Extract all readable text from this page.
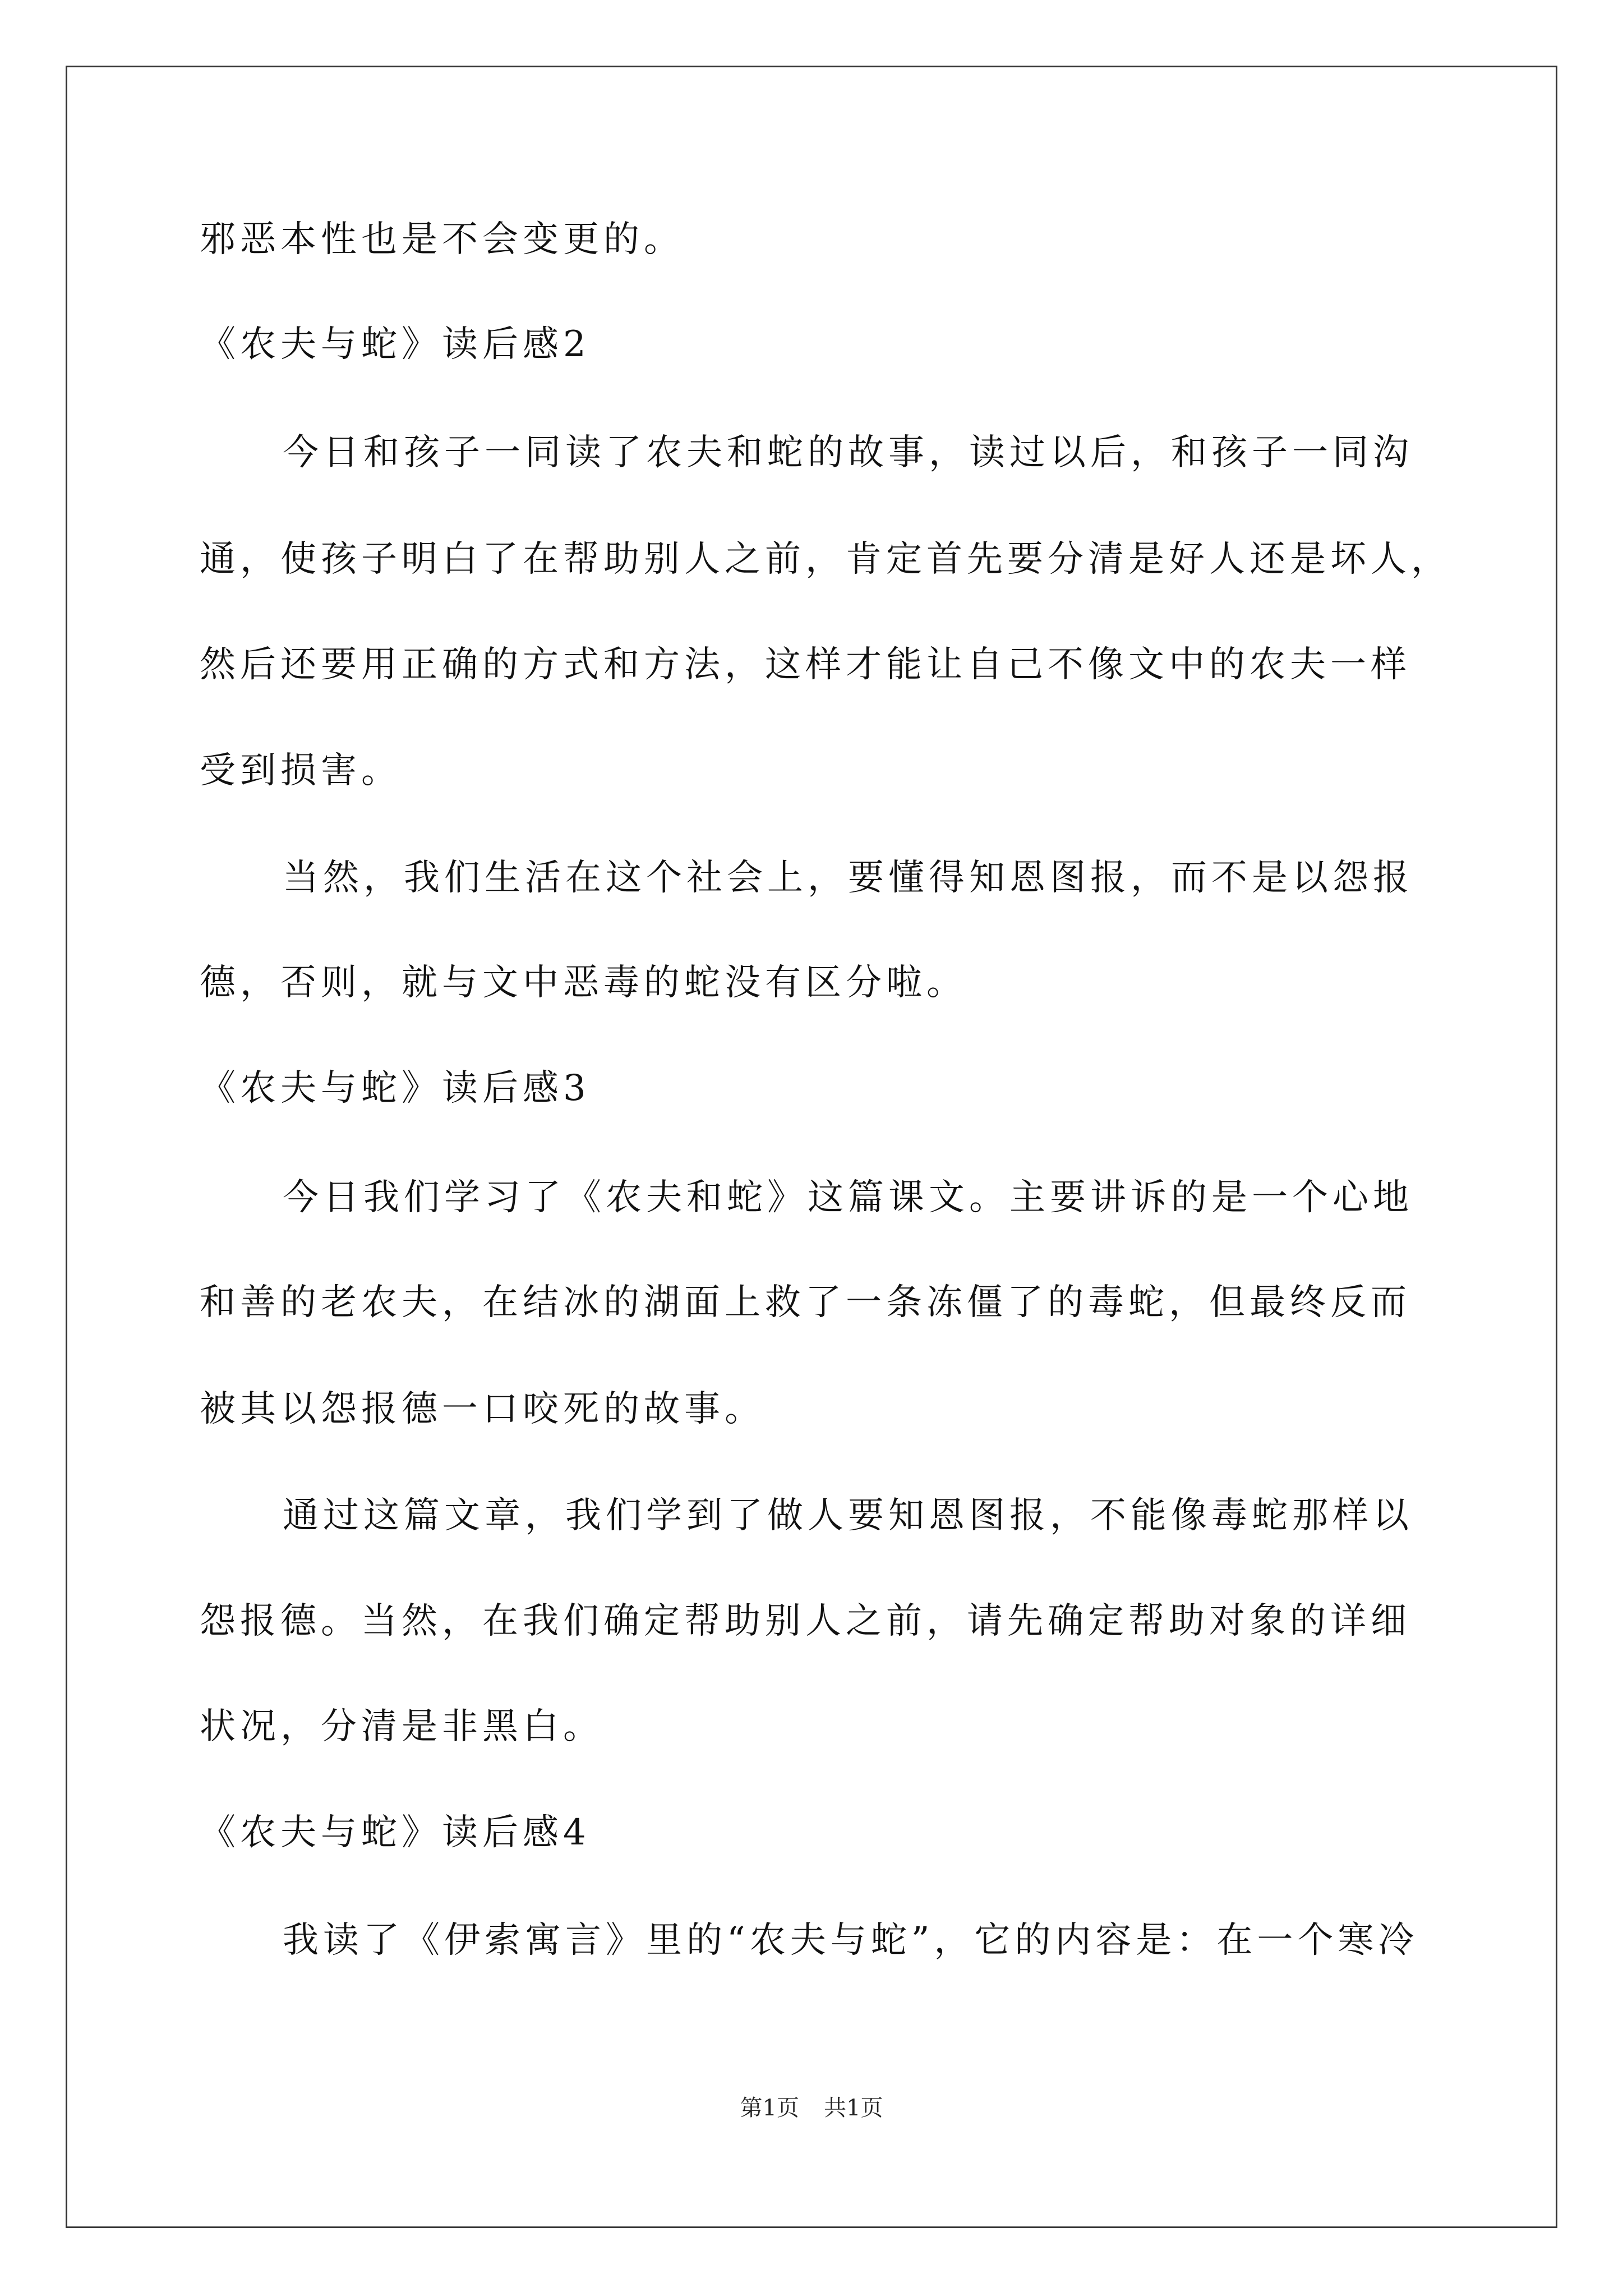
邪恶本性也是不会变更的。
《农夫与蛇》读后感2
今日和孩子一同读了农夫和蛇的故事，读过以后，和孩子一同沟
通，使孩子明白了在帮助别人之前，肯定首先要分清是好人还是坏人，
然后还要用正确的方式和方法，这样才能让自己不像文中的农夫一样
受到损害。
当然，我们生活在这个社会上，要懂得知恩图报，而不是以怨报
德，否则，就与文中恶毒的蛇没有区分啦。
《农夫与蛇》读后感3
今日我们学习了《农夫和蛇》这篇课文。主要讲诉的是一个心地
和善的老农夫，在结冰的湖面上救了一条冻僵了的毒蛇，但最终反而
被其以怨报德一口咬死的故事。
通过这篇文章，我们学到了做人要知恩图报，不能像毒蛇那样以
怨报德。当然，在我们确定帮助别人之前，请先确定帮助对象的详细
状况，分清是非黑白。
《农夫与蛇》读后感4
我读了《伊索寓言》里的“农夫与蛇”，它的内容是：在一个寒冷
第1页 共1页
